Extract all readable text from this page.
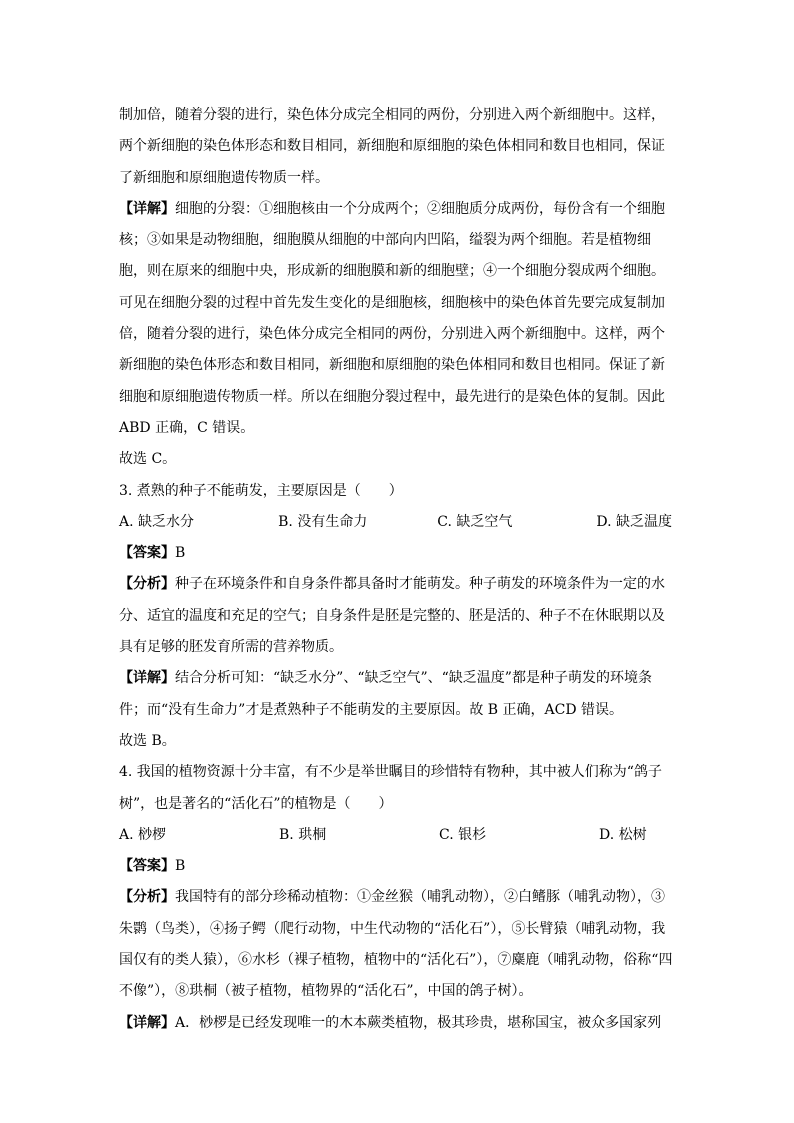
制加倍，随着分裂的进行，染色体分成完全相同的两份，分别进入两个新细胞中。这样，
两个新细胞的染色体形态和数目相同，新细胞和原细胞的染色体相同和数目也相同，保证
了新细胞和原细胞遗传物质一样。
【详解】细胞的分裂：①细胞核由一个分成两个；②细胞质分成两份，每份含有一个细胞
核；③如果是动物细胞，细胞膜从细胞的中部向内凹陷，缢裂为两个细胞。若是植物细
胞，则在原来的细胞中央，形成新的细胞膜和新的细胞壁；④一个细胞分裂成两个细胞。
可见在细胞分裂的过程中首先发生变化的是细胞核，细胞核中的染色体首先要完成复制加
倍，随着分裂的进行，染色体分成完全相同的两份，分别进入两个新细胞中。这样，两个
新细胞的染色体形态和数目相同，新细胞和原细胞的染色体相同和数目也相同。保证了新
细胞和原细胞遗传物质一样。所以在细胞分裂过程中，最先进行的是染色体的复制。因此
ABD 正确，C 错误。
故选 C。
3. 煮熟的种子不能萌发，主要原因是（　　）
A. 缺乏水分	B. 没有生命力	C. 缺乏空气	D. 缺乏温度
【答案】B
【分析】种子在环境条件和自身条件都具备时才能萌发。种子萌发的环境条件为一定的水
分、适宜的温度和充足的空气；自身条件是胚是完整的、胚是活的、种子不在休眠期以及
具有足够的胚发育所需的营养物质。
【详解】结合分析可知：“缺乏水分”、“缺乏空气”、“缺乏温度”都是种子萌发的环境条
件；而“没有生命力”才是煮熟种子不能萌发的主要原因。故 B 正确，ACD 错误。
故选 B。
4. 我国的植物资源十分丰富，有不少是举世瞩目的珍惜特有物种，其中被人们称为“鸽子
树”，也是著名的“活化石”的植物是（　　）
A. 桫椤	B. 珙桐	C. 银杉	D. 松树
【答案】B
【分析】我国特有的部分珍稀动植物：①金丝猴（哺乳动物），②白鳍豚（哺乳动物），③
朱鹮（鸟类），④扬子鳄（爬行动物，中生代动物的“活化石”），⑤长臂猿（哺乳动物，我
国仅有的类人猿），⑥水杉（裸子植物，植物中的“活化石”），⑦麋鹿（哺乳动物，俗称“四
不像”），⑧珙桐（被子植物，植物界的“活化石”，中国的鸽子树）。
【详解】A．桫椤是已经发现唯一的木本蕨类植物，极其珍贵，堪称国宝，被众多国家列
